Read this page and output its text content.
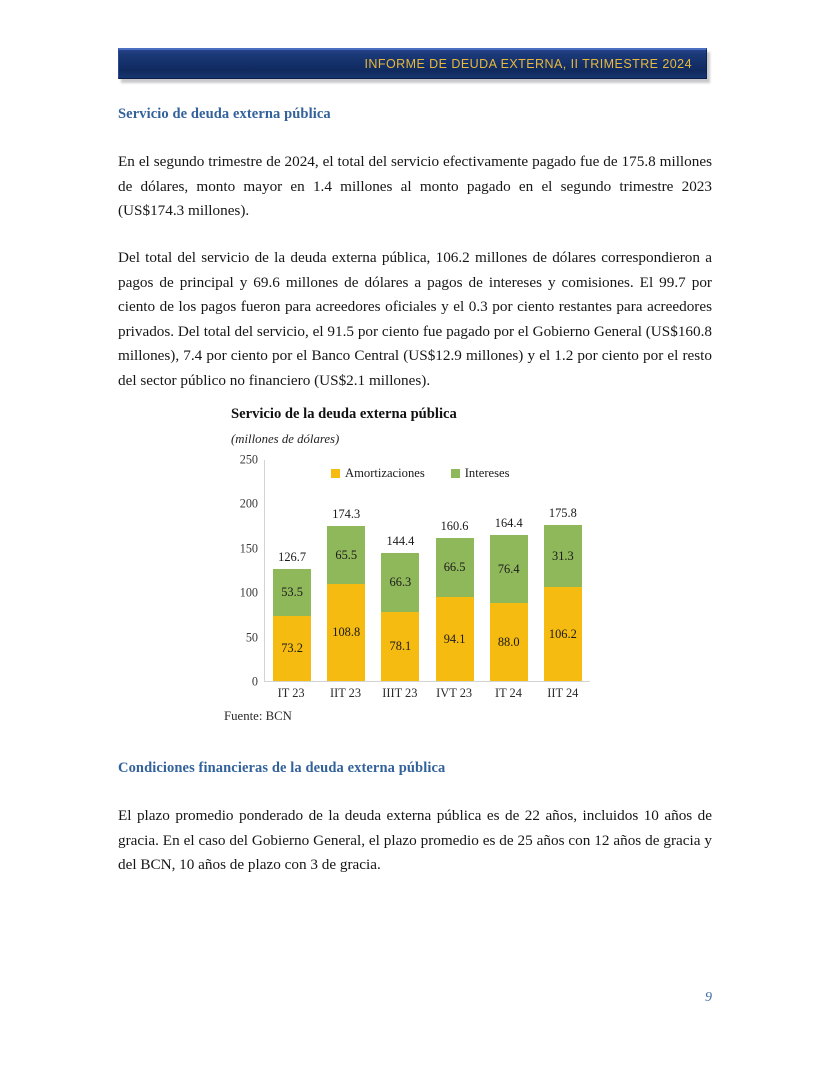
INFORME DE DEUDA EXTERNA, II TRIMESTRE 2024
Servicio de deuda externa pública

En el segundo trimestre de 2024, el total del servicio efectivamente pagado fue de 175.8 millones de dólares, monto mayor en 1.4 millones al monto pagado en el segundo trimestre 2023 (US$174.3 millones).

Del total del servicio de la deuda externa pública, 106.2 millones de dólares correspondieron a pagos de principal y 69.6 millones de dólares a pagos de intereses y comisiones. El 99.7 por ciento de los pagos fueron para acreedores oficiales y el 0.3 por ciento restantes para acreedores privados. Del total del servicio, el 91.5 por ciento fue pagado por el Gobierno General (US$160.8 millones), 7.4 por ciento por el Banco Central (US$12.9 millones) y el 1.2 por ciento por el resto del sector público no financiero (US$2.1 millones).

Servicio de la deuda externa pública
(millones de dólares)
Amortizaciones	Intereses
250
200
150
100
50
0
126.7
53.5
73.2
174.3
65.5
108.8
144.4
66.3
78.1
160.6
66.5
94.1
164.4
76.4
88.0
175.8
31.3
106.2
IT 23	IIT 23 IIIT 23 IVT 23	IT 24	IIT 24
Fuente: BCN
Condiciones financieras de la deuda externa pública

El plazo promedio ponderado de la deuda externa pública es de 22 años, incluidos 10 años de gracia. En el caso del Gobierno General, el plazo promedio es de 25 años con 12 años de gracia y del BCN, 10 años de plazo con 3 de gracia.

9
